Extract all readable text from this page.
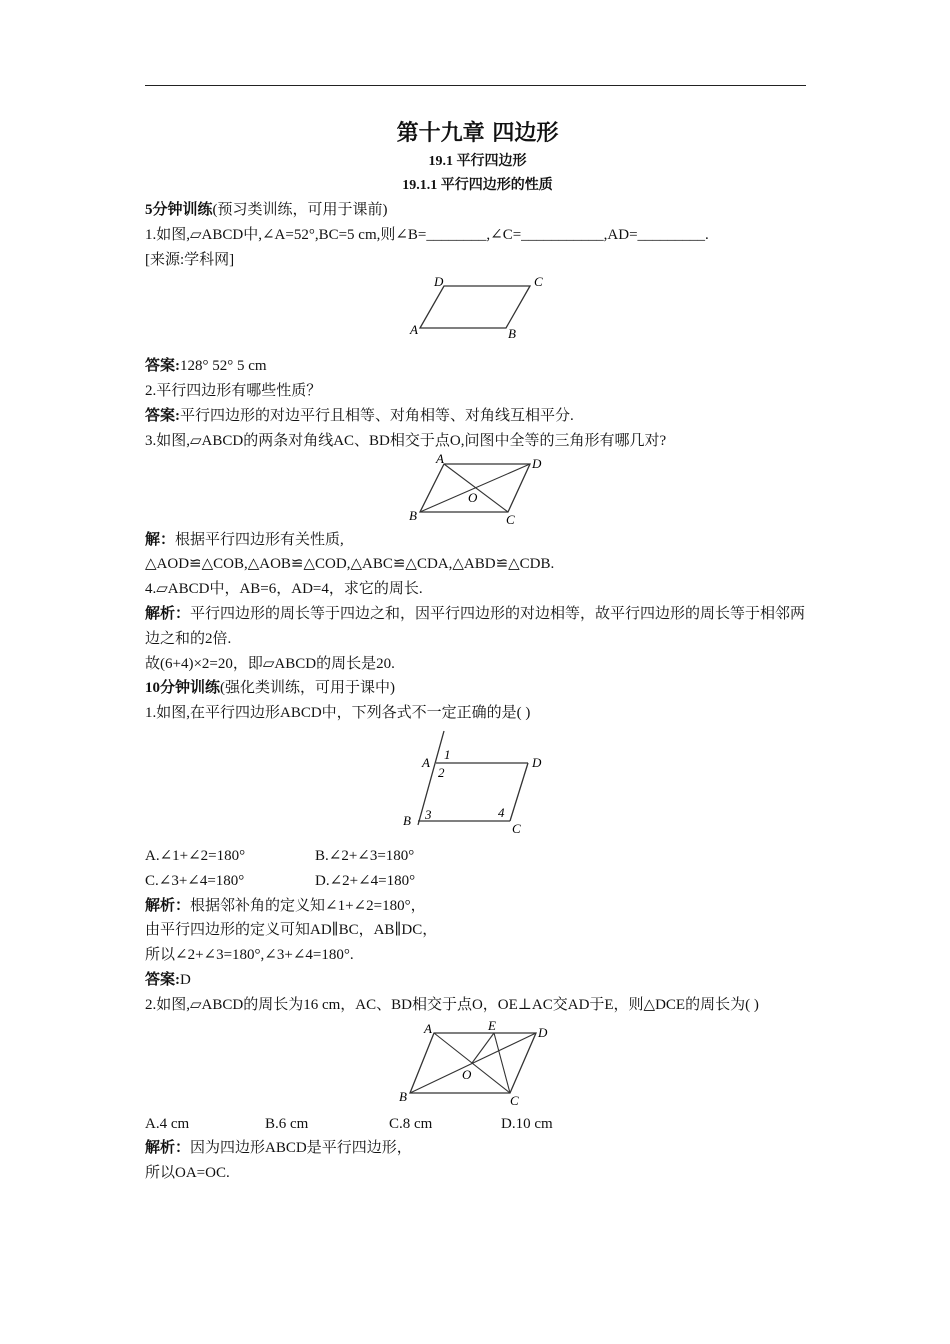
第十九章 四边形
19.1 平行四边形
19.1.1 平行四边形的性质
5分钟训练(预习类训练，可用于课前)
1.如图,▱ABCD中,∠A=52°,BC=5 cm,则∠B=________,∠C=___________,AD=_________.
[来源:学科网]
D	C
A	B
答案:128° 52° 5 cm
2.平行四边形有哪些性质？
答案:平行四边形的对边平行且相等、对角相等、对角线互相平分.
3.如图,▱ABCD的两条对角线AC、BD相交于点O,问图中全等的三角形有哪几对?
A	D
O
B	C
解：根据平行四边形有关性质,
△AOD≌△COB,△AOB≌△COD,△ABC≌△CDA,△ABD≌△CDB.
4.▱ABCD中，AB=6，AD=4，求它的周长.
解析：平行四边形的周长等于四边之和，因平行四边形的对边相等，故平行四边形的周长等于相邻两边之和的2倍.
故(6+4)×2=20，即▱ABCD的周长是20.
10分钟训练(强化类训练，可用于课中)
1.如图,在平行四边形ABCD中，下列各式不一定正确的是( )
A
1
2
D
B 3	4
C
A.∠1+∠2=180°	B.∠2+∠3=180°
C.∠3+∠4=180°	D.∠2+∠4=180°
解析：根据邻补角的定义知∠1+∠2=180°，
由平行四边形的定义可知AD∥BC，AB∥DC，
所以∠2+∠3=180°,∠3+∠4=180°.
答案:D
2.如图,▱ABCD的周长为16 cm，AC、BD相交于点O，OE⊥AC交AD于E，则△DCE的周长为( )
A	E	D
O
B	C
A.4 cm	B.6 cm	C.8 cm	D.10 cm
解析：因为四边形ABCD是平行四边形，
所以OA=OC.
